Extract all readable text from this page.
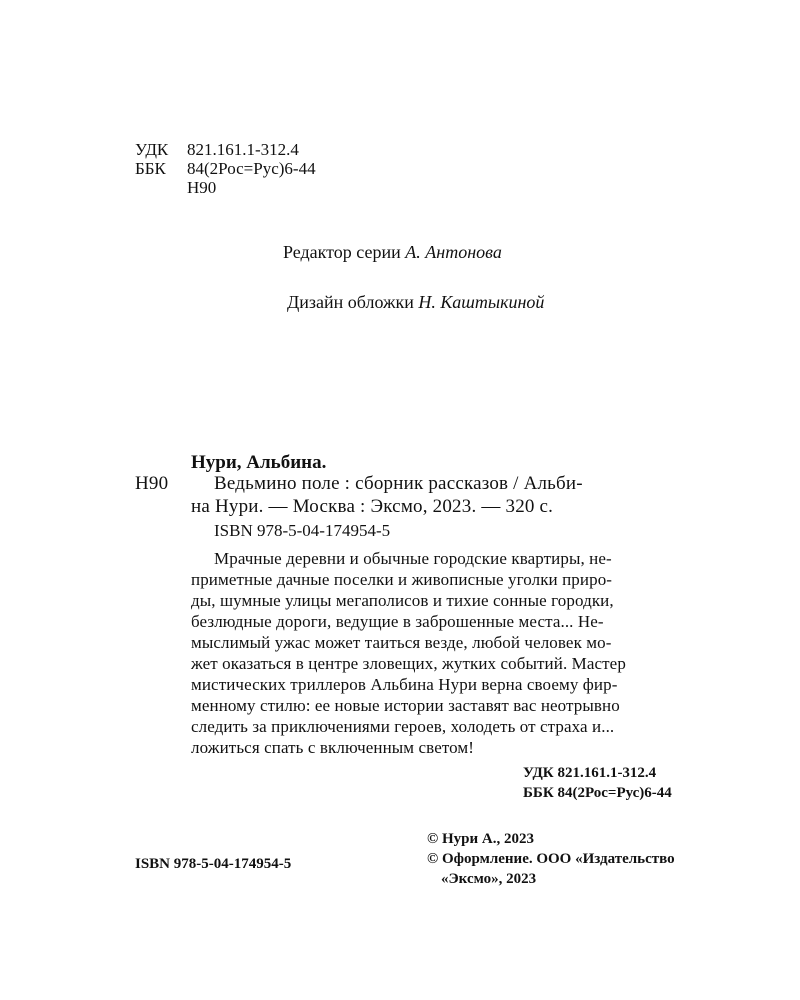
УДК 821.161.1-312.4
ББК 84(2Рос=Рус)6-44
Н90
Редактор серии А. Антонова
Дизайн обложки Н. Каштыкиной
Нури, Альбина.
Н90 Ведьмино поле : сборник рассказов / Альби-
на Нури. — Москва : Эксмо, 2023. — 320 с.
ISBN 978-5-04-174954-5
Мрачные деревни и обычные городские квартиры, не-
приметные дачные поселки и живописные уголки приро-
ды, шумные улицы мегаполисов и тихие сонные городки,
безлюдные дороги, ведущие в заброшенные места... Не-
мыслимый ужас может таиться везде, любой человек мо-
жет оказаться в центре зловещих, жутких событий. Мастер
мистических триллеров Альбина Нури верна своему фир-
менному стилю: ее новые истории заставят вас неотрывно
следить за приключениями героев, холодеть от страха и...
ложиться спать с включенным светом!
УДК 821.161.1-312.4
ББК 84(2Рос=Рус)6-44
© Нури А., 2023
© Оформление. ООО «Издательство
ISBN 978-5-04-174954-5
«Эксмо», 2023
